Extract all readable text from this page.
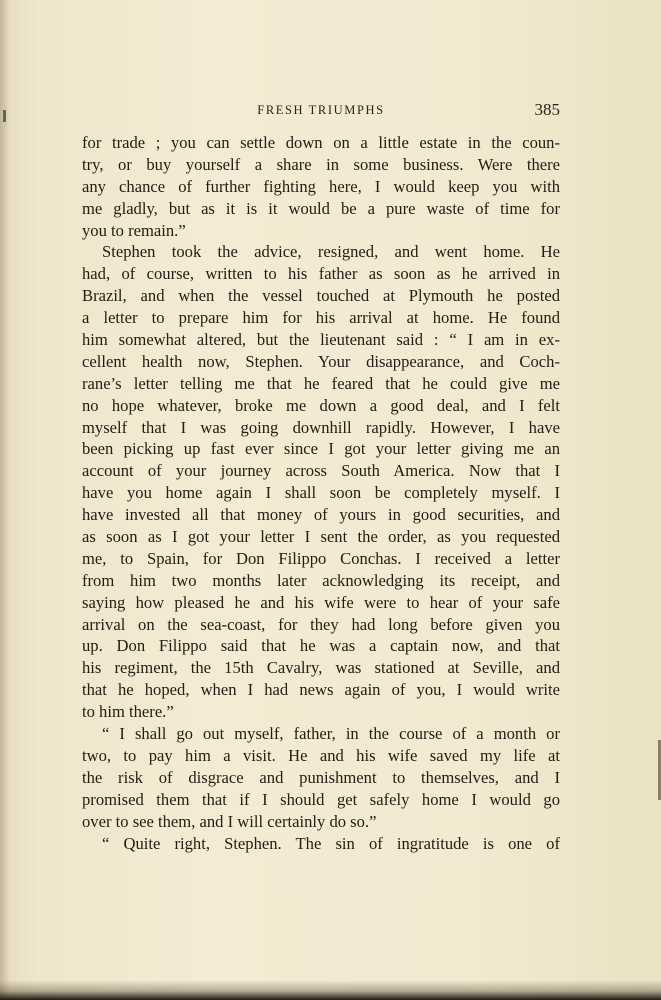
FRESH TRIUMPHS	385
for trade ; you can settle down on a little estate in the coun-
try, or buy yourself a share in some business. Were there
any chance of further fighting here, I would keep you with
me gladly, but as it is it would be a pure waste of time for
you to remain.”
Stephen took the advice, resigned, and went home. He
had, of course, written to his father as soon as he arrived in
Brazil, and when the vessel touched at Plymouth he posted
a letter to prepare him for his arrival at home. He found
him somewhat altered, but the lieutenant said : “ I am in ex-
cellent health now, Stephen. Your disappearance, and Coch-
rane’s letter telling me that he feared that he could give me
no hope whatever, broke me down a good deal, and I felt
myself that I was going downhill rapidly. However, I have
been picking up fast ever since I got your letter giving me an
account of your journey across South America. Now that I
have you home again I shall soon be completely myself. I
have invested all that money of yours in good securities, and
as soon as I got your letter I sent the order, as you requested
me, to Spain, for Don Filippo Conchas. I received a letter
from him two months later acknowledging its receipt, and
saying how pleased he and his wife were to hear of your safe
arrival on the sea-coast, for they had long before given you
up. Don Filippo said that he was a captain now, and that
his regiment, the 15th Cavalry, was stationed at Seville, and
that he hoped, when I had news again of you, I would write
to him there.”
“ I shall go out myself, father, in the course of a month or
two, to pay him a visit. He and his wife saved my life at
the risk of disgrace and punishment to themselves, and I
promised them that if I should get safely home I would go
over to see them, and I will certainly do so.”
“ Quite right, Stephen. The sin of ingratitude is one of
